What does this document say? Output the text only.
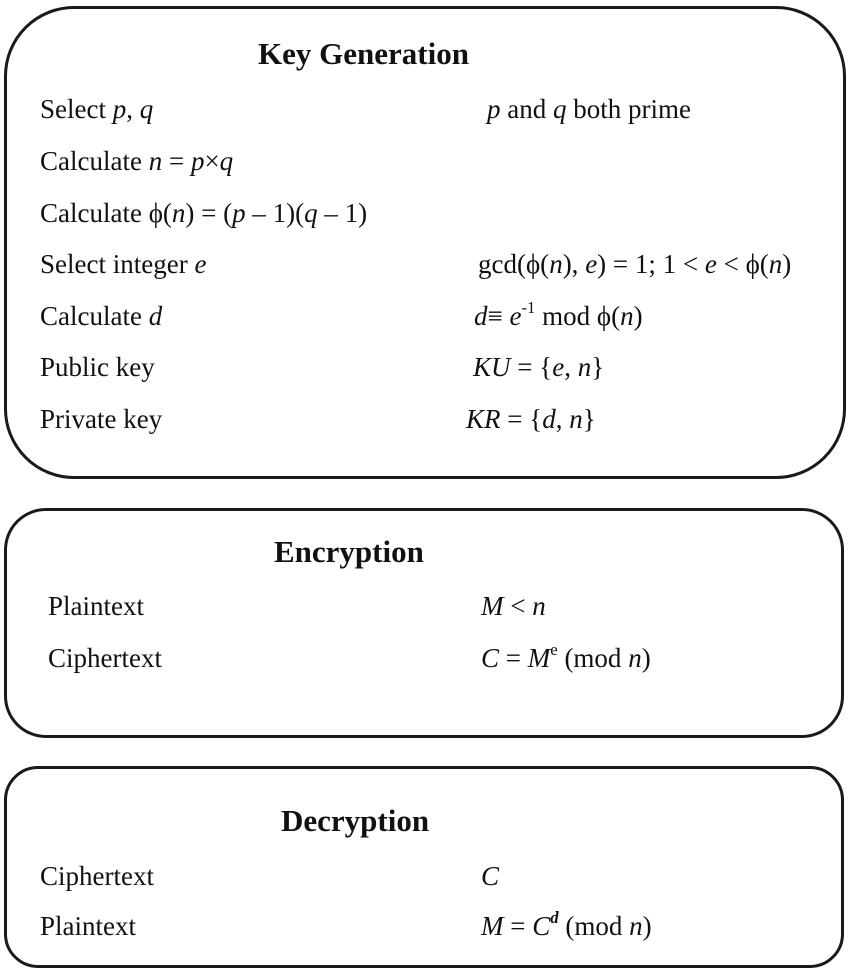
Key Generation
Select p, q	p and q both prime
Calculate n = p×q
Calculate ϕ(n) = (p – 1)(q – 1)
Select integer e	gcd(ϕ(n), e) = 1; 1 < e < ϕ(n)
Calculate d	$d\equiv e^{-1}$ mod ϕ(n)
Public key	KU = {e, n}
Private key	KR = {d, n}
Encryption
Plaintext	M < n
Ciphertext	$C = M^e$ (mod n)
Decryption
Ciphertext	C
Plaintext	$M = C^d$ (mod n)
